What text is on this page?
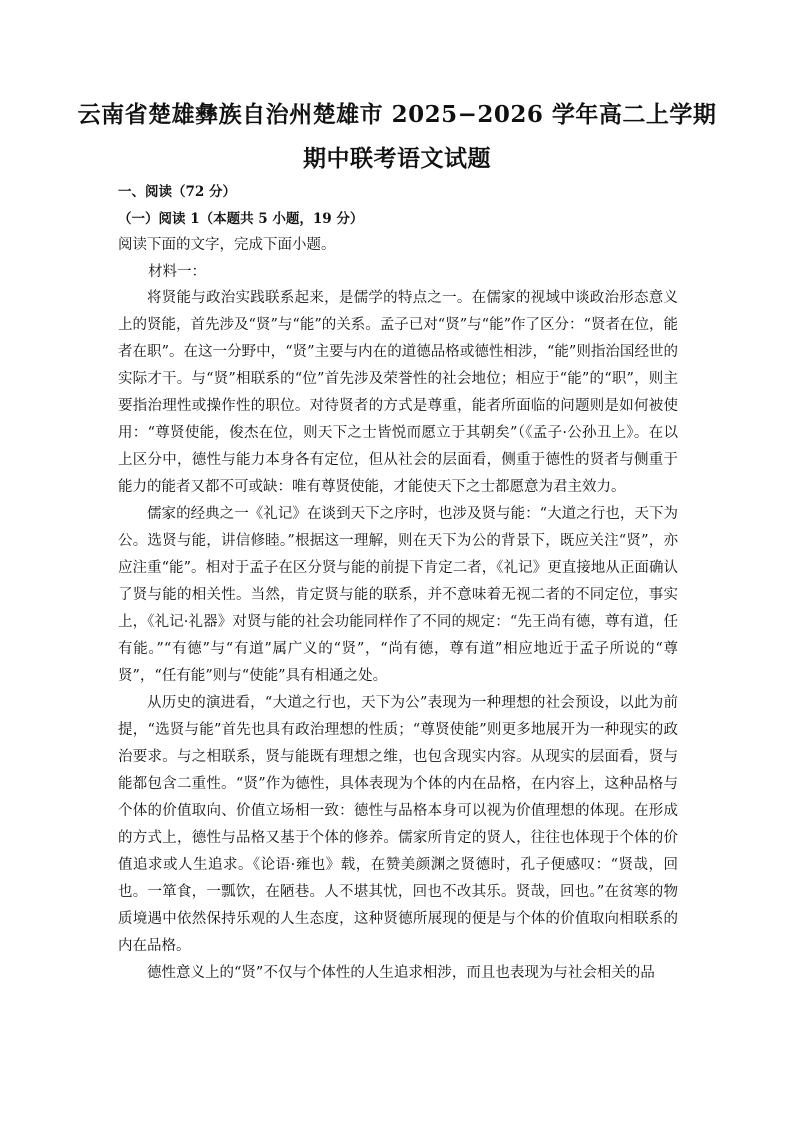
云南省楚雄彝族自治州楚雄市 2025−2026 学年高二上学期
期中联考语文试题
一、阅读（72 分）
（一）阅读 1（本题共 5 小题，19 分）
阅读下面的文字，完成下面小题。
材料一：

将贤能与政治实践联系起来，是儒学的特点之一。在儒家的视域中谈政治形态意义上的贤能，首先涉及“贤”与“能”的关系。孟子已对“贤”与“能”作了区分：“贤者在位，能者在职”。在这一分野中，“贤”主要与内在的道德品格或德性相涉，“能”则指治国经世的实际才干。与“贤”相联系的“位”首先涉及荣誉性的社会地位；相应于“能”的“职”，则主要指治理性或操作性的职位。对待贤者的方式是尊重，能者所面临的问题则是如何被使用：“尊贤使能，俊杰在位，则天下之士皆悦而愿立于其朝矣”（《孟子·公孙丑上》。在以上区分中，德性与能力本身各有定位，但从社会的层面看，侧重于德性的贤者与侧重于能力的能者又都不可或缺：唯有尊贤使能，才能使天下之士都愿意为君主效力。

儒家的经典之一《礼记》在谈到天下之序时，也涉及贤与能：“大道之行也，天下为公。选贤与能，讲信修睦。”根据这一理解，则在天下为公的背景下，既应关注“贤”，亦应注重“能”。相对于孟子在区分贤与能的前提下肯定二者，《礼记》更直接地从正面确认了贤与能的相关性。当然，肯定贤与能的联系，并不意味着无视二者的不同定位，事实上，《礼记·礼器》对贤与能的社会功能同样作了不同的规定：“先王尚有德，尊有道，任有能。”“有德”与“有道”属广义的“贤”，“尚有德，尊有道”相应地近于孟子所说的“尊贤”，“任有能”则与“使能”具有相通之处。

从历史的演进看，“大道之行也，天下为公”表现为一种理想的社会预设，以此为前提，“选贤与能”首先也具有政治理想的性质；“尊贤使能”则更多地展开为一种现实的政治要求。与之相联系，贤与能既有理想之维，也包含现实内容。从现实的层面看，贤与能都包含二重性。“贤”作为德性，具体表现为个体的内在品格，在内容上，这种品格与个体的价值取向、价值立场相一致：德性与品格本身可以视为价值理想的体现。在形成的方式上，德性与品格又基于个体的修养。儒家所肯定的贤人，往往也体现于个体的价值追求或人生追求。《论语·雍也》载，在赞美颜渊之贤德时，孔子便感叹：“贤哉，回也。一箪食，一瓢饮，在陋巷。人不堪其忧，回也不改其乐。贤哉，回也。”在贫寒的物质境遇中依然保持乐观的人生态度，这种贤德所展现的便是与个体的价值取向相联系的内在品格。

德性意义上的“贤”不仅与个体性的人生追求相涉，而且也表现为与社会相关的品
